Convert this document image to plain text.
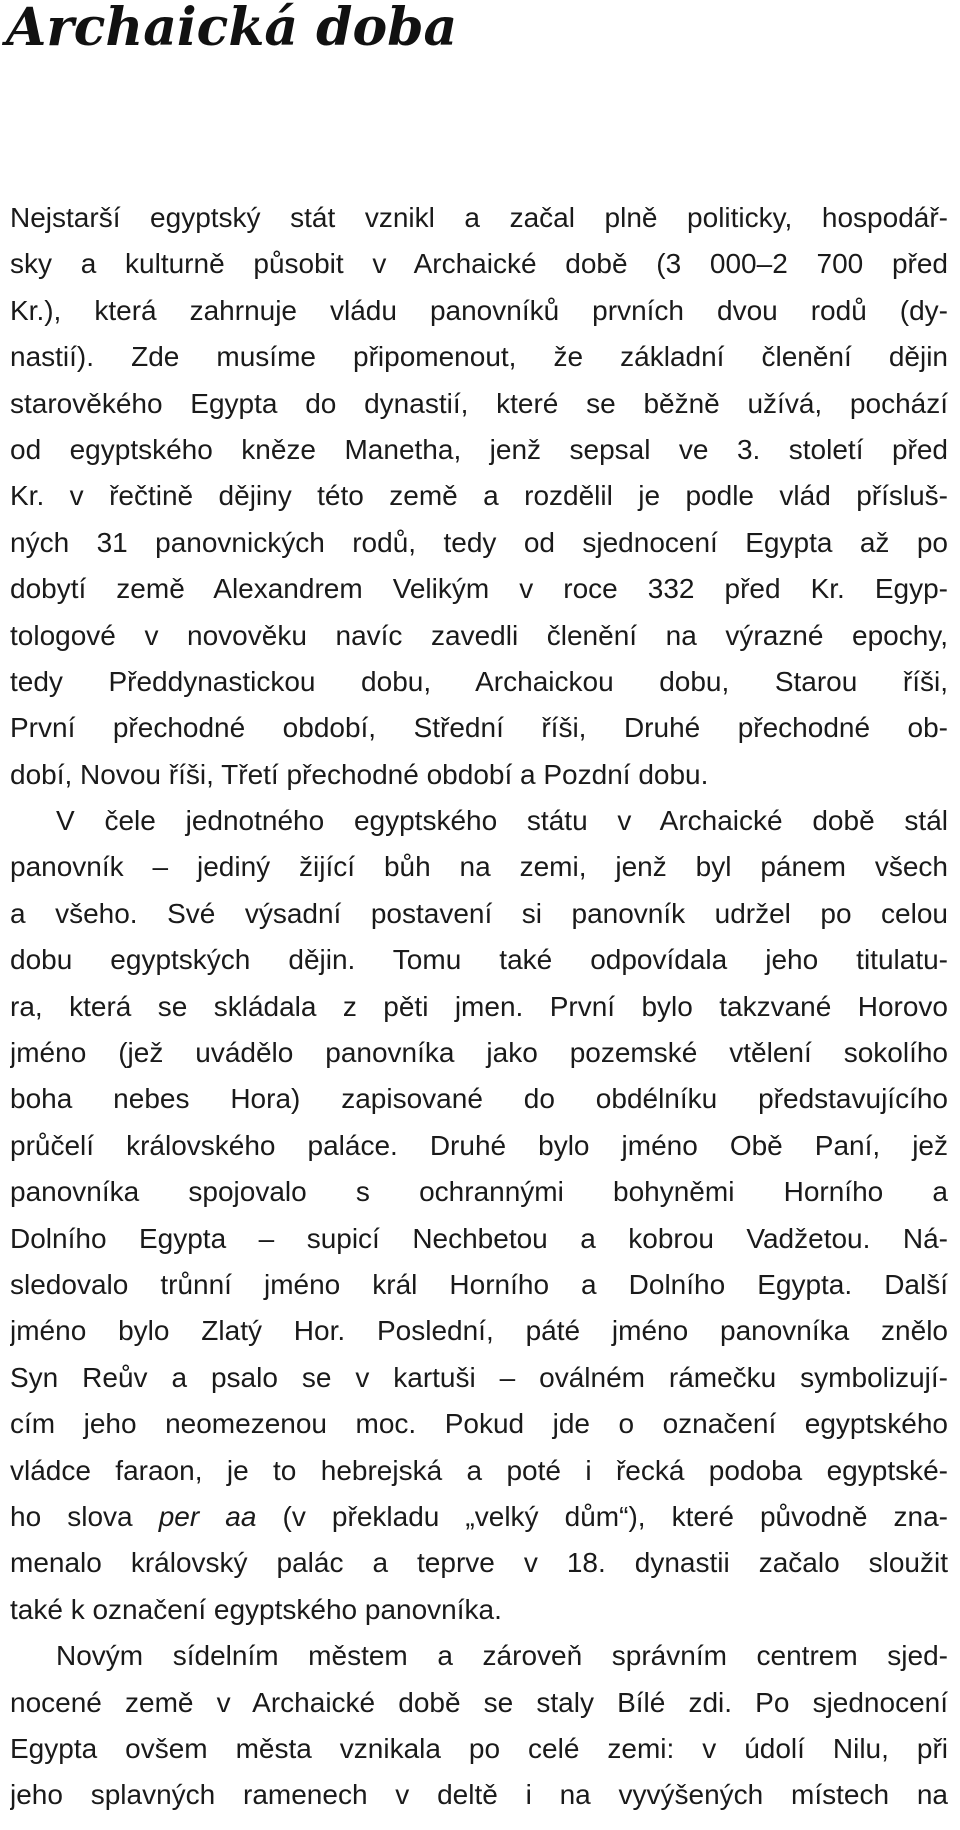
Archaická doba
Nejstarší egyptský stát vznikl a začal plně politicky, hospodář-
sky a kulturně působit v Archaické době (3 000–2 700 před
Kr.), která zahrnuje vládu panovníků prvních dvou rodů (dy-
nastií). Zde musíme připomenout, že základní členění dějin
starověkého Egypta do dynastií, které se běžně užívá, pochází
od egyptského kněze Manetha, jenž sepsal ve 3. století před
Kr. v řečtině dějiny této země a rozdělil je podle vlád přísluš-
ných 31 panovnických rodů, tedy od sjednocení Egypta až po
dobytí země Alexandrem Velikým v roce 332 před Kr. Egyp-
tologové v novověku navíc zavedli členění na výrazné epochy,
tedy Předdynastickou dobu, Archaickou dobu, Starou říši,
První přechodné období, Střední říši, Druhé přechodné ob-
dobí, Novou říši, Třetí přechodné období a Pozdní dobu.
V čele jednotného egyptského státu v Archaické době stál
panovník – jediný žijící bůh na zemi, jenž byl pánem všech
a všeho. Své výsadní postavení si panovník udržel po celou
dobu egyptských dějin. Tomu také odpovídala jeho titulatu-
ra, která se skládala z pěti jmen. První bylo takzvané Horovo
jméno (jež uvádělo panovníka jako pozemské vtělení sokolího
boha nebes Hora) zapisované do obdélníku představujícího
průčelí královského paláce. Druhé bylo jméno Obě Paní, jež
panovníka spojovalo s ochrannými bohyněmi Horního a
Dolního Egypta – supicí Nechbetou a kobrou Vadžetou. Ná-
sledovalo trůnní jméno král Horního a Dolního Egypta. Další
jméno bylo Zlatý Hor. Poslední, páté jméno panovníka znělo
Syn Reův a psalo se v kartuši – oválném rámečku symbolizují-
cím jeho neomezenou moc. Pokud jde o označení egyptského
vládce faraon, je to hebrejská a poté i řecká podoba egyptské-
ho slova per aa (v překladu „velký dům“), které původně zna-
menalo královský palác a teprve v 18. dynastii začalo sloužit
také k označení egyptského panovníka.
Novým sídelním městem a zároveň správním centrem sjed-
nocené země v Archaické době se staly Bílé zdi. Po sjednocení
Egypta ovšem města vznikala po celé zemi: v údolí Nilu, při
jeho splavných ramenech v deltě i na vyvýšených místech na
